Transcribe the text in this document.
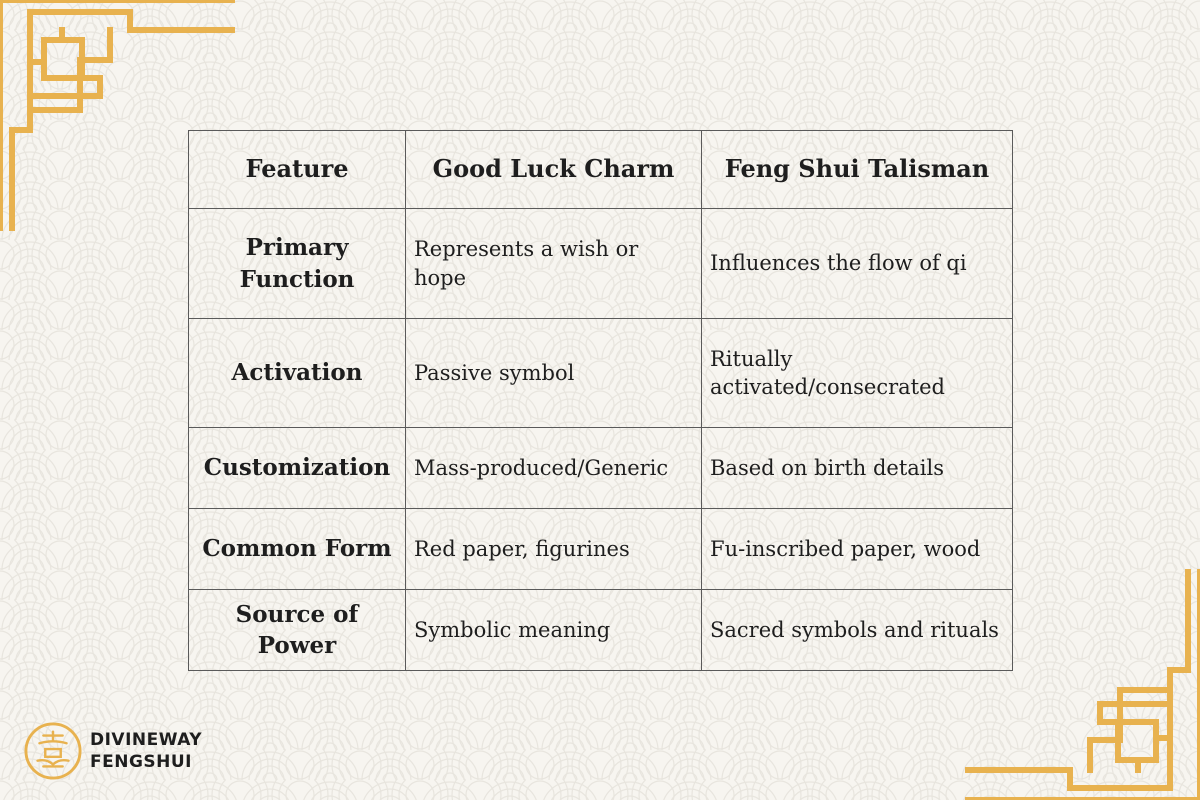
Feature	Good Luck Charm	Feng Shui Talisman
Primary Function	Represents a wish or hope	Influences the flow of qi
Activation	Passive symbol	Ritually activated/consecrated
Customization	Mass-produced/Generic	Based on birth details
Common Form	Red paper, figurines	Fu-inscribed paper, wood
Source of Power	Symbolic meaning	Sacred symbols and rituals
DIVINEWAY
FENGSHUI
